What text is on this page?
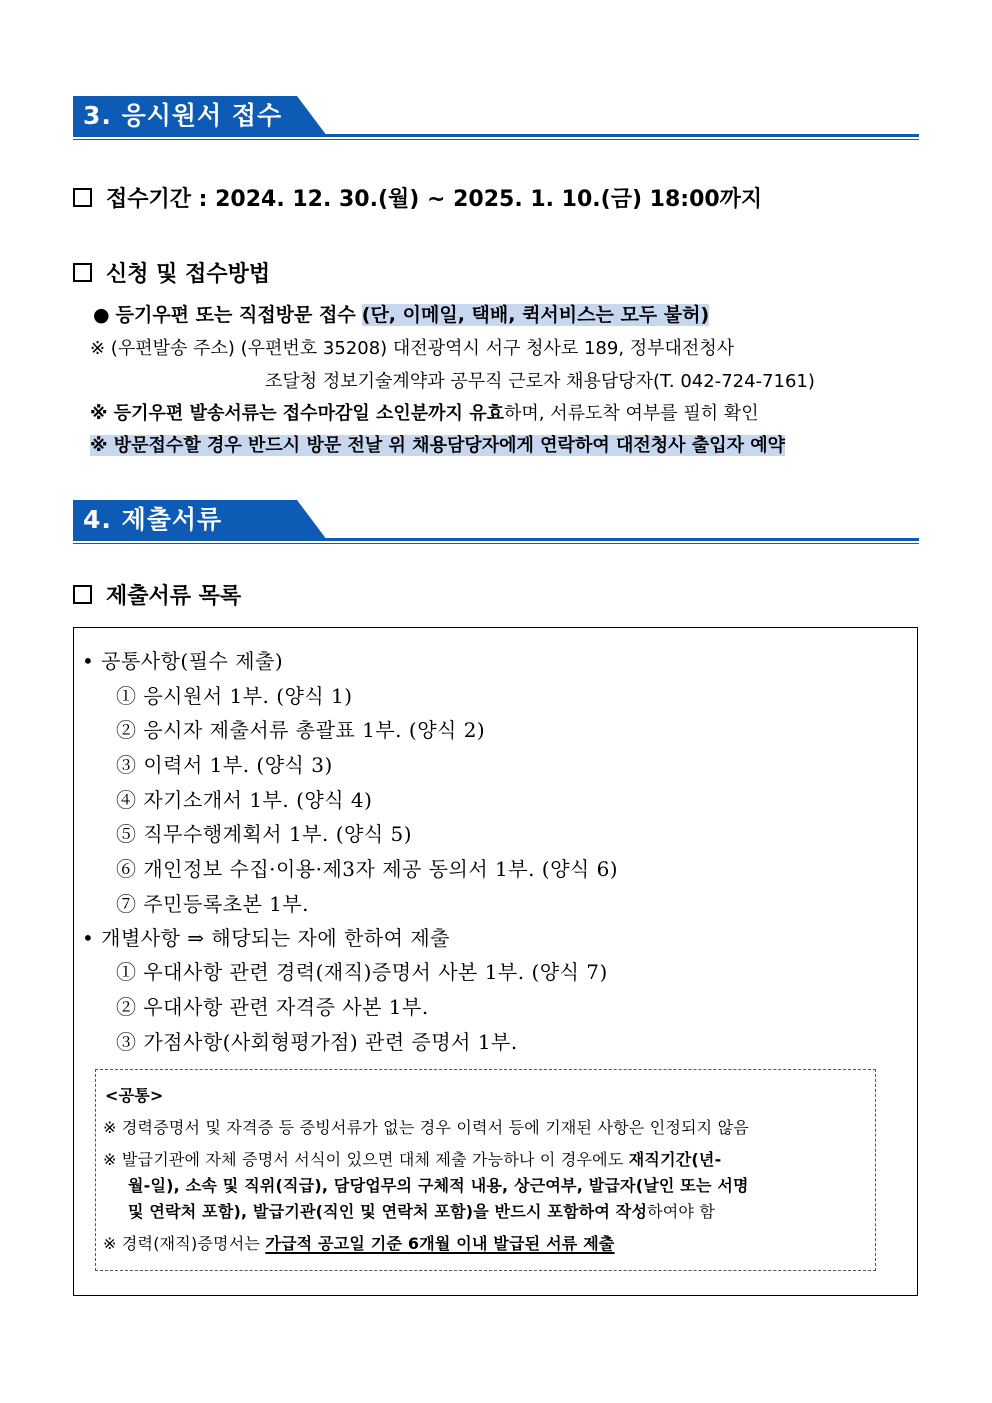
3. 응시원서 접수
접수기간 : 2024. 12. 30.(월) ~ 2025. 1. 10.(금) 18:00까지
신청 및 접수방법
● 등기우편 또는 직접방문 접수 (단, 이메일, 택배, 퀵서비스는 모두 불허)
※ (우편발송 주소) (우편번호 35208) 대전광역시 서구 청사로 189, 정부대전청사
조달청 정보기술계약과 공무직 근로자 채용담당자(T. 042-724-7161)
※ 등기우편 발송서류는 접수마감일 소인분까지 유효하며, 서류도착 여부를 필히 확인
※ 방문접수할 경우 반드시 방문 전날 위 채용담당자에게 연락하여 대전청사 출입자 예약
4. 제출서류
제출서류 목록
• 공통사항(필수 제출)
① 응시원서 1부. (양식 1)
② 응시자 제출서류 총괄표 1부. (양식 2)
③ 이력서 1부. (양식 3)
④ 자기소개서 1부. (양식 4)
⑤ 직무수행계획서 1부. (양식 5)
⑥ 개인정보 수집·이용·제3자 제공 동의서 1부. (양식 6)
⑦ 주민등록초본 1부.
• 개별사항 ⇒ 해당되는 자에 한하여 제출
① 우대사항 관련 경력(재직)증명서 사본 1부. (양식 7)
② 우대사항 관련 자격증 사본 1부.
③ 가점사항(사회형평가점) 관련 증명서 1부.
<공통>
※ 경력증명서 및 자격증 등 증빙서류가 없는 경우 이력서 등에 기재된 사항은 인정되지 않음
※ 발급기관에 자체 증명서 서식이 있으면 대체 제출 가능하나 이 경우에도 재직기간(년-
월-일), 소속 및 직위(직급), 담당업무의 구체적 내용, 상근여부, 발급자(날인 또는 서명
및 연락처 포함), 발급기관(직인 및 연락처 포함)을 반드시 포함하여 작성하여야 함
※ 경력(재직)증명서는 가급적 공고일 기준 6개월 이내 발급된 서류 제출
